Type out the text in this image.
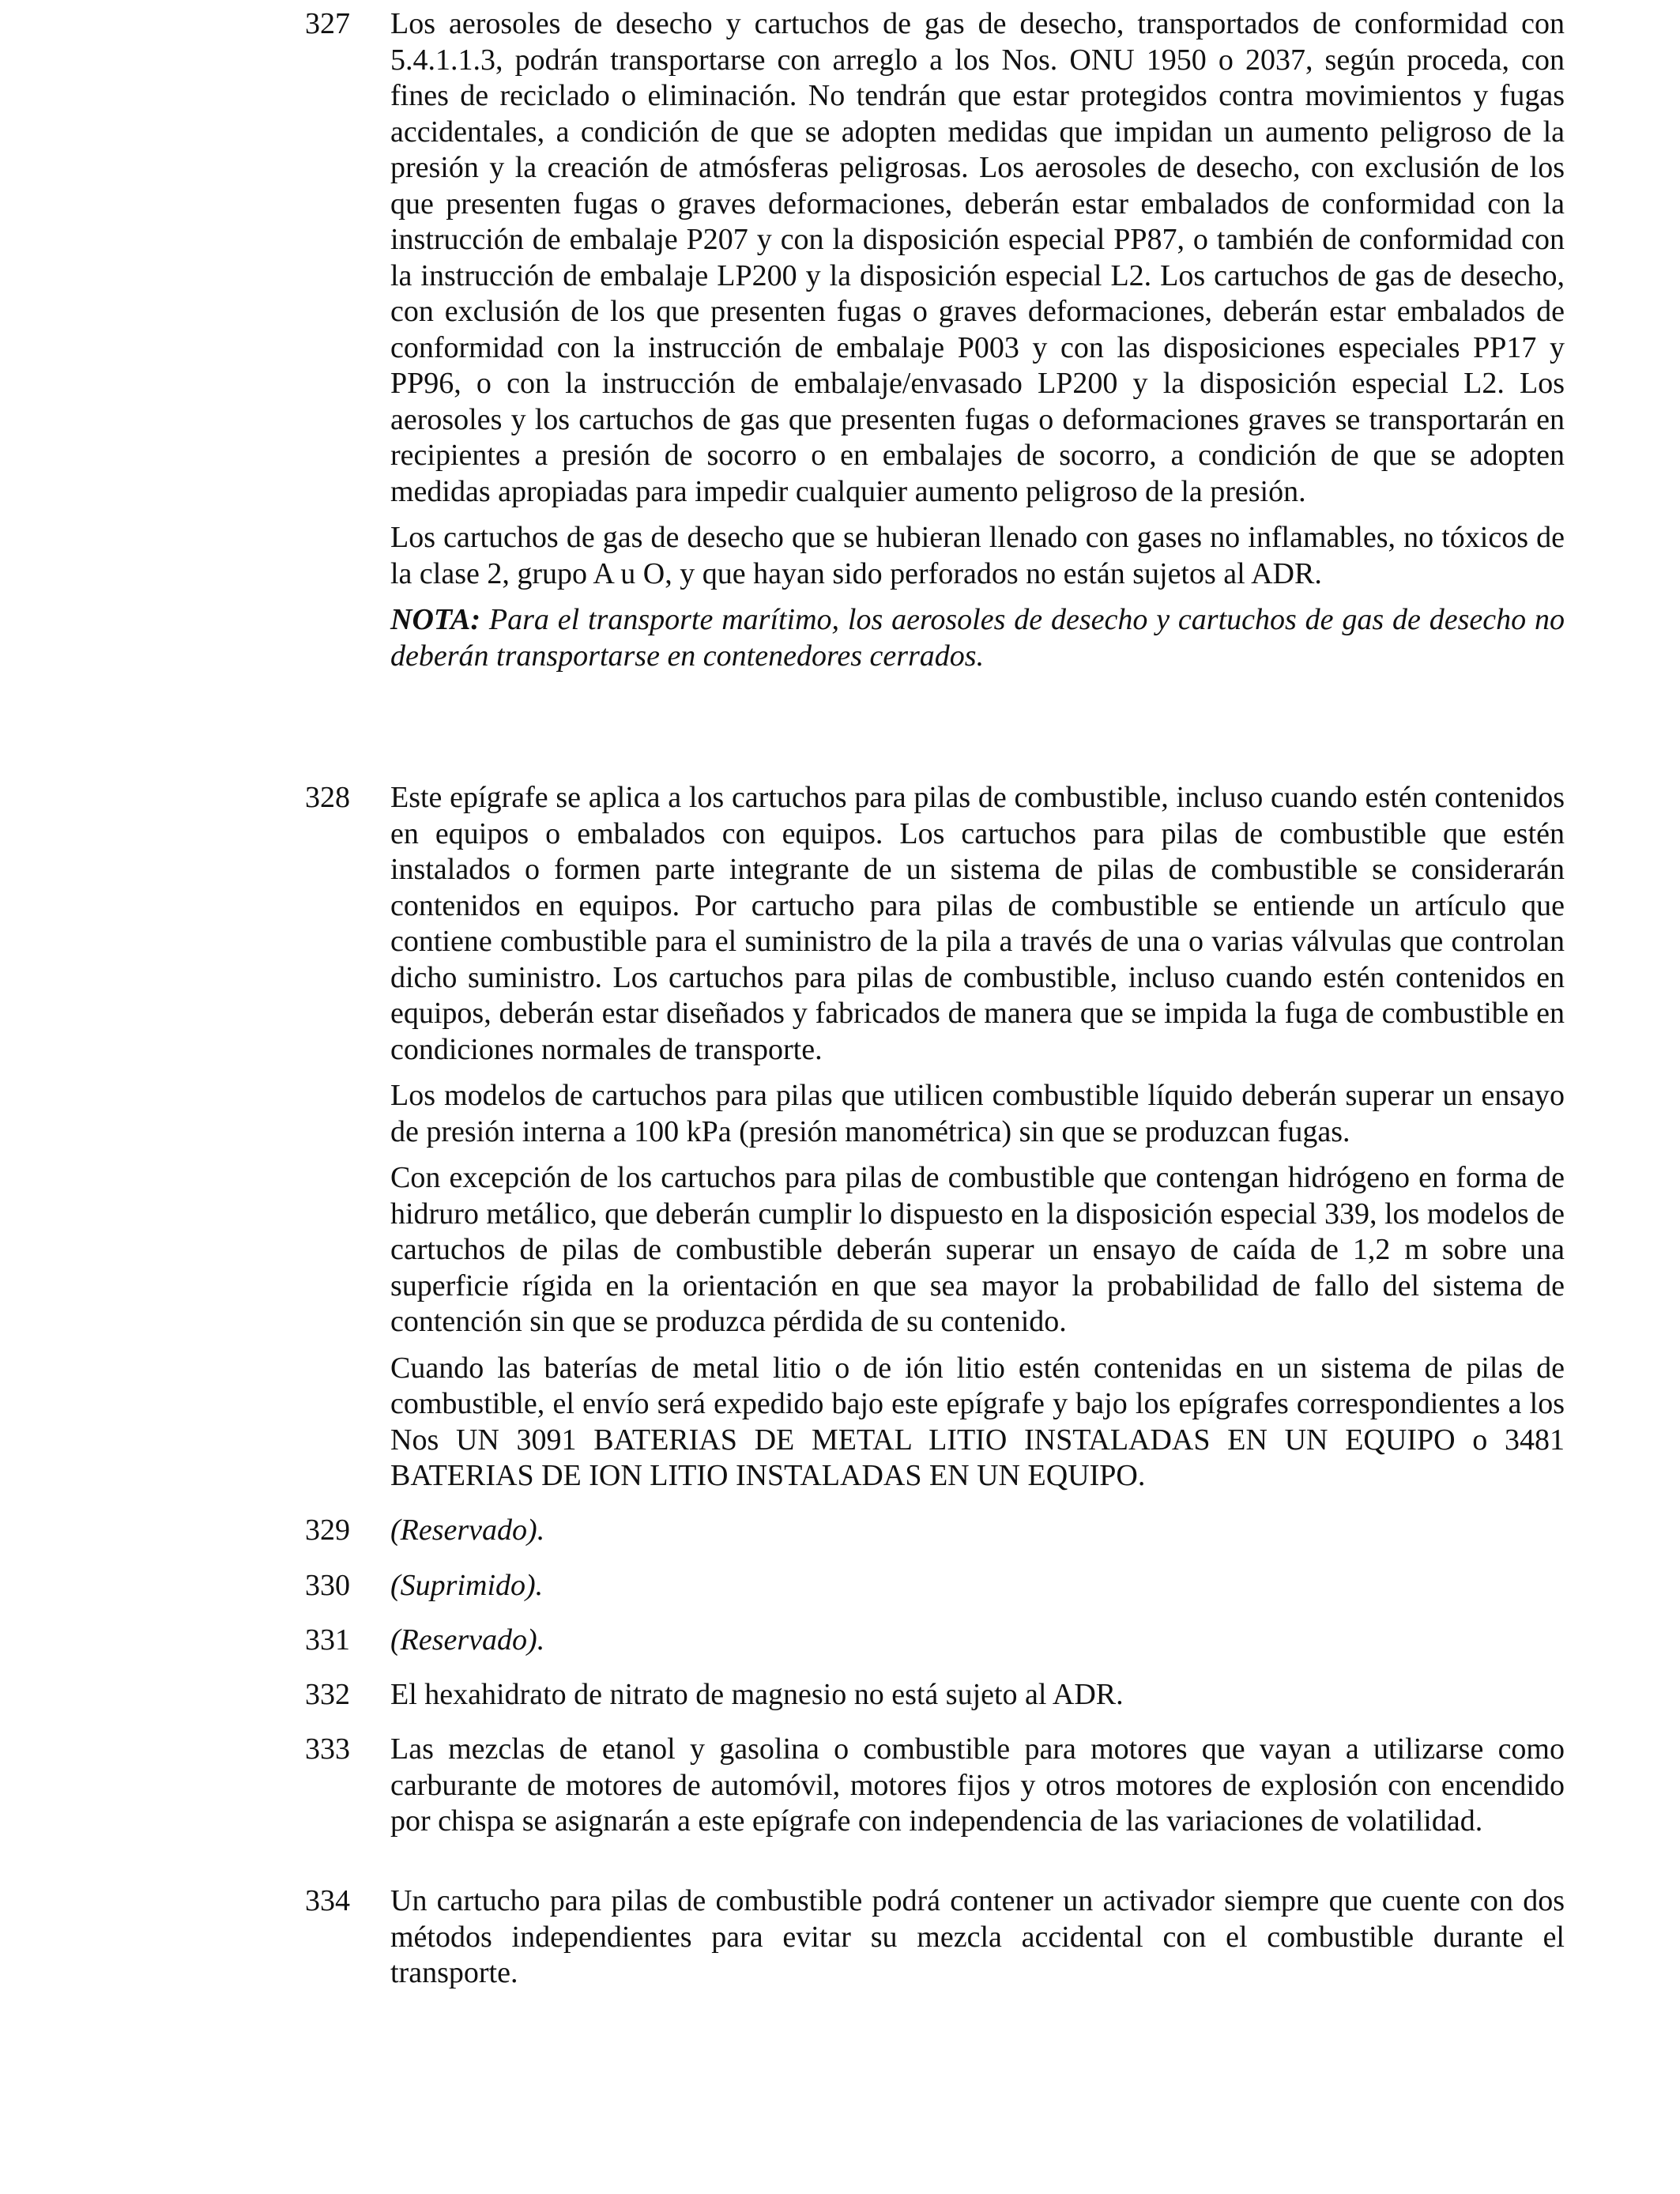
327	Los aerosoles de desecho y cartuchos de gas de desecho, transportados de conformidad con 5.4.1.1.3, podrán transportarse con arreglo a los Nos. ONU 1950 o 2037, según proceda, con fines de reciclado o eliminación. No tendrán que estar protegidos contra movimientos y fugas accidentales, a condición de que se adopten medidas que impidan un aumento peligroso de la presión y la creación de atmósferas peligrosas. Los aerosoles de desecho, con exclusión de los que presenten fugas o graves deformaciones, deberán estar embalados de conformidad con la instrucción de embalaje P207 y con la disposición especial PP87, o también de conformidad con la instrucción de embalaje LP200 y la disposición especial L2. Los cartuchos de gas de desecho, con exclusión de los que presenten fugas o graves deformaciones, deberán estar embalados de conformidad con la instrucción de embalaje P003 y con las disposiciones especiales PP17 y PP96, o con la instrucción de embalaje/envasado LP200 y la disposición especial L2. Los aerosoles y los cartuchos de gas que presenten fugas o deformaciones graves se transportarán en recipientes a presión de socorro o en embalajes de socorro, a condición de que se adopten medidas apropiadas para impedir cualquier aumento peligroso de la presión.

Los cartuchos de gas de desecho que se hubieran llenado con gases no inflamables, no tóxicos de la clase 2, grupo A u O, y que hayan sido perforados no están sujetos al ADR.

NOTA: Para el transporte marítimo, los aerosoles de desecho y cartuchos de gas de desecho no deberán transportarse en contenedores cerrados.

328	Este epígrafe se aplica a los cartuchos para pilas de combustible, incluso cuando estén contenidos en equipos o embalados con equipos. Los cartuchos para pilas de combustible que estén instalados o formen parte integrante de un sistema de pilas de combustible se considerarán contenidos en equipos. Por cartucho para pilas de combustible se entiende un artículo que contiene combustible para el suministro de la pila a través de una o varias válvulas que controlan dicho suministro. Los cartuchos para pilas de combustible, incluso cuando estén contenidos en equipos, deberán estar diseñados y fabricados de manera que se impida la fuga de combustible en condiciones normales de transporte.

Los modelos de cartuchos para pilas que utilicen combustible líquido deberán superar un ensayo de presión interna a 100 kPa (presión manométrica) sin que se produzcan fugas.

Con excepción de los cartuchos para pilas de combustible que contengan hidrógeno en forma de hidruro metálico, que deberán cumplir lo dispuesto en la disposición especial 339, los modelos de cartuchos de pilas de combustible deberán superar un ensayo de caída de 1,2 m sobre una superficie rígida en la orientación en que sea mayor la probabilidad de fallo del sistema de contención sin que se produzca pérdida de su contenido.

Cuando las baterías de metal litio o de ión litio estén contenidas en un sistema de pilas de combustible, el envío será expedido bajo este epígrafe y bajo los epígrafes correspondientes a los Nos UN 3091 BATERIAS DE METAL LITIO INSTALADAS EN UN EQUIPO o 3481 BATERIAS DE ION LITIO INSTALADAS EN UN EQUIPO.

329	(Reservado).

330	(Suprimido).

331	(Reservado).

332	El hexahidrato de nitrato de magnesio no está sujeto al ADR.

333	Las mezclas de etanol y gasolina o combustible para motores que vayan a utilizarse como carburante de motores de automóvil, motores fijos y otros motores de explosión con encendido por chispa se asignarán a este epígrafe con independencia de las variaciones de volatilidad.

334	Un cartucho para pilas de combustible podrá contener un activador siempre que cuente con dos métodos independientes para evitar su mezcla accidental con el combustible durante el transporte.
